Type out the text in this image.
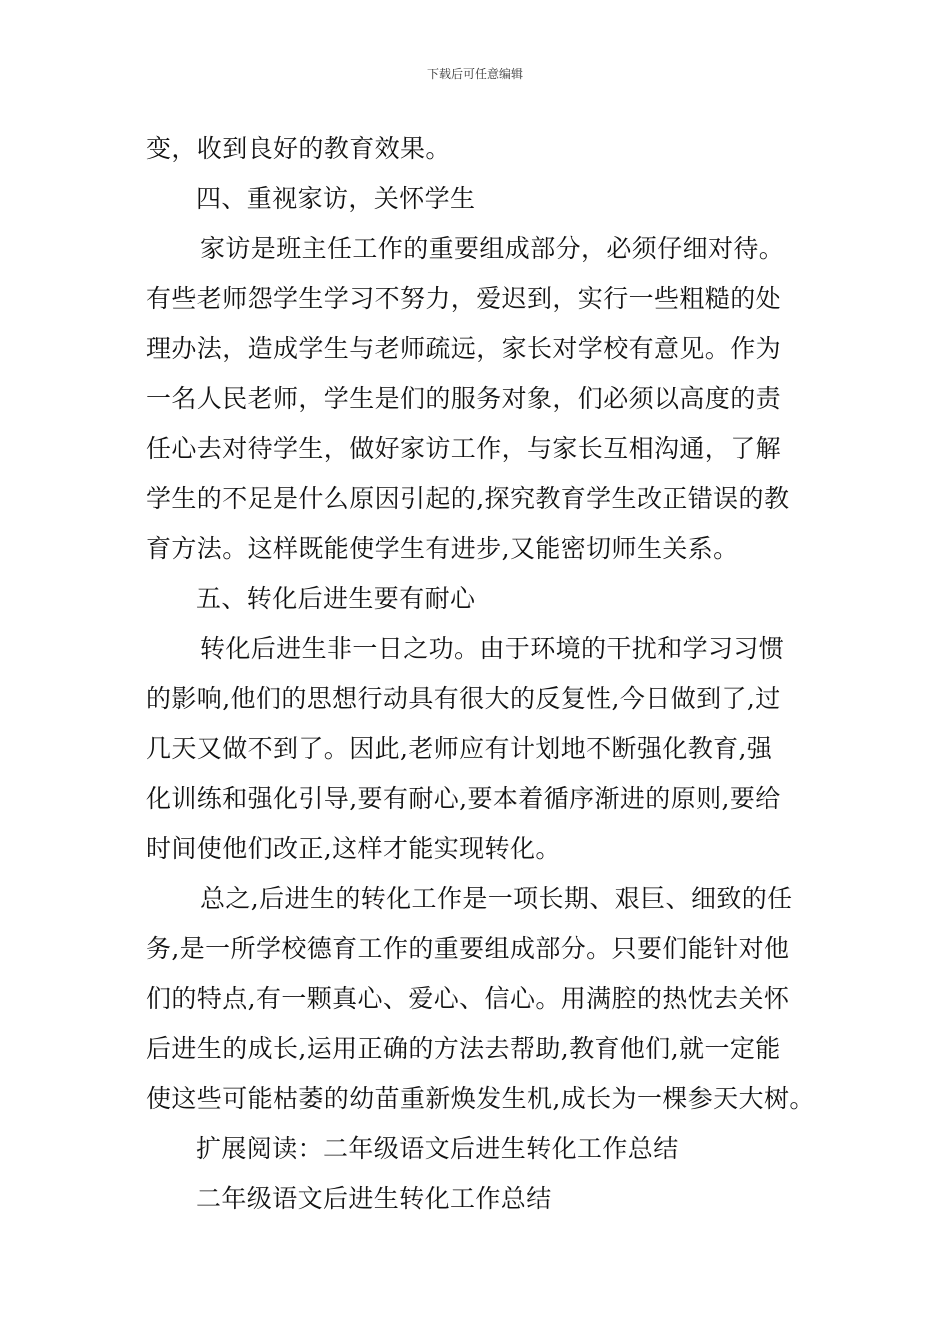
下载后可任意编辑
变，收到良好的教育效果。
四、重视家访，关怀学生
家访是班主任工作的重要组成部分，必须仔细对待。
有些老师怨学生学习不努力，爱迟到，实行一些粗糙的处
理办法，造成学生与老师疏远，家长对学校有意见。作为
一名人民老师，学生是们的服务对象，们必须以高度的责
任心去对待学生，做好家访工作，与家长互相沟通，了解
学生的不足是什么原因引起的,探究教育学生改正错误的教
育方法。这样既能使学生有进步,又能密切师生关系。
五、转化后进生要有耐心
转化后进生非一日之功。由于环境的干扰和学习习惯
的影响,他们的思想行动具有很大的反复性,今日做到了,过
几天又做不到了。因此,老师应有计划地不断强化教育,强
化训练和强化引导,要有耐心,要本着循序渐进的原则,要给
时间使他们改正,这样才能实现转化。
总之,后进生的转化工作是一项长期、艰巨、细致的任
务,是一所学校德育工作的重要组成部分。只要们能针对他
们的特点,有一颗真心、爱心、信心。用满腔的热忱去关怀
后进生的成长,运用正确的方法去帮助,教育他们,就一定能
使这些可能枯萎的幼苗重新焕发生机,成长为一棵参天大树。
扩展阅读：二年级语文后进生转化工作总结
二年级语文后进生转化工作总结
